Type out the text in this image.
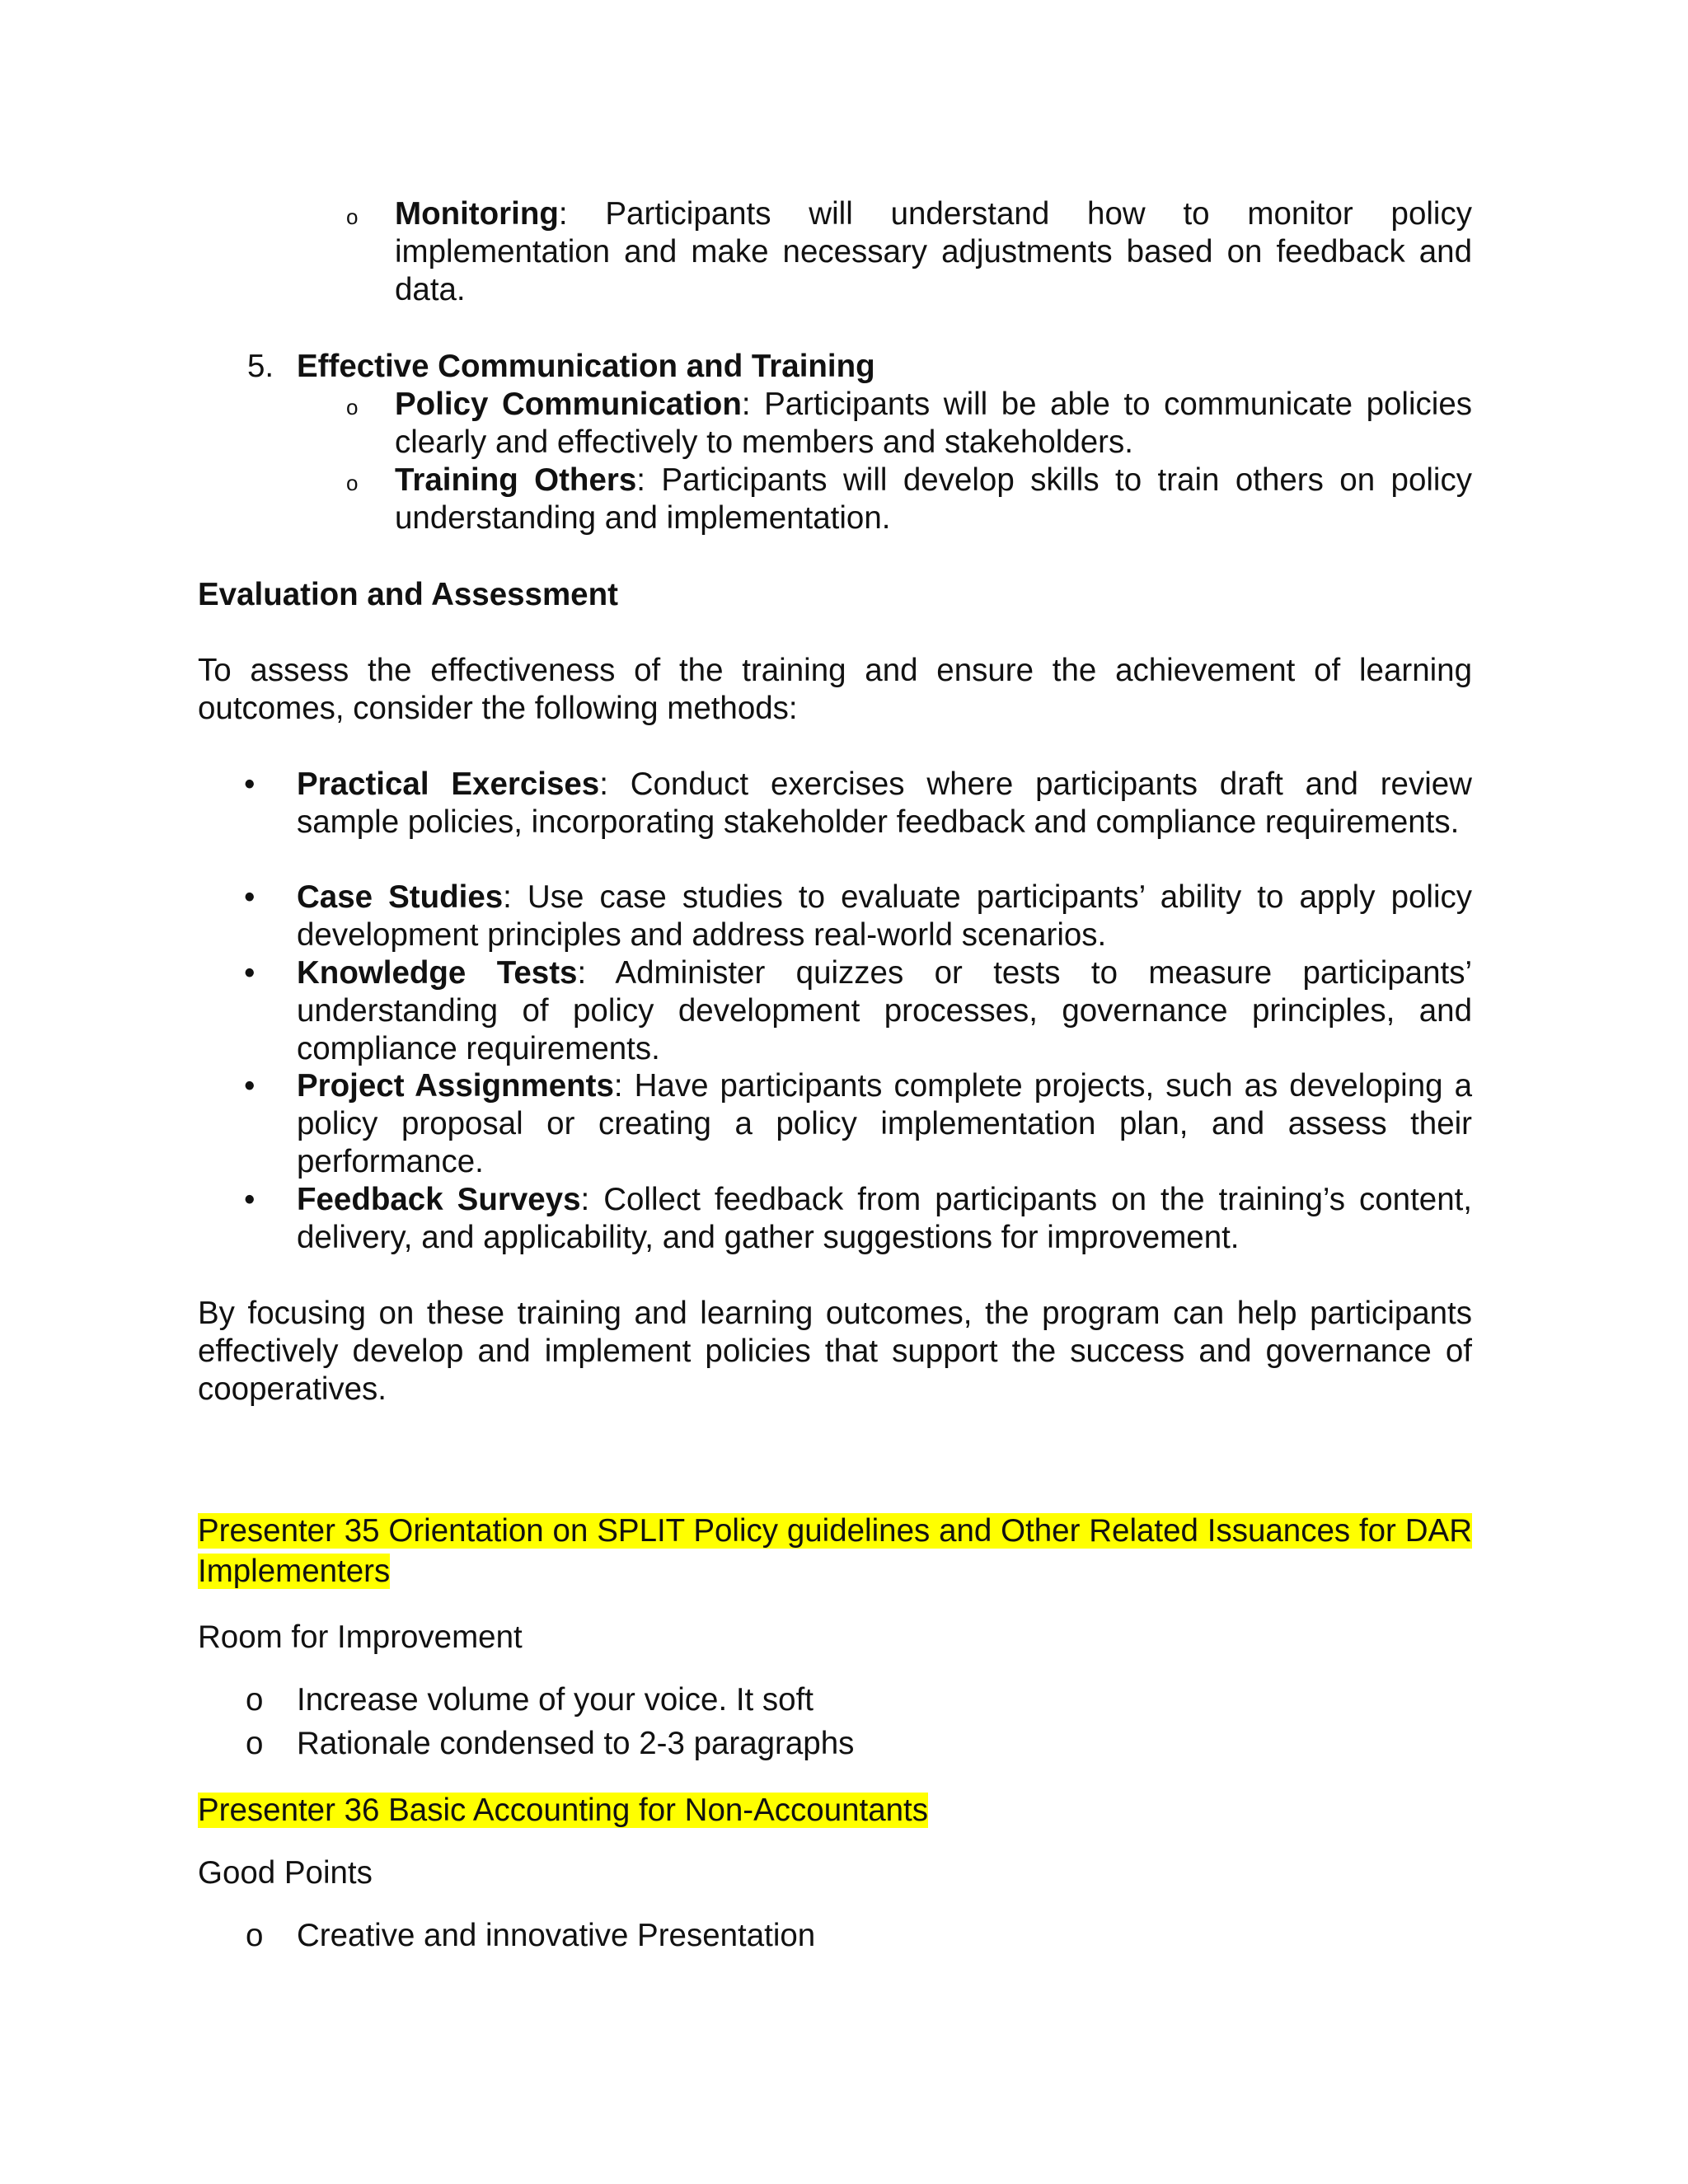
o Monitoring: Participants will understand how to monitor policy implementation and make necessary adjustments based on feedback and data.

5. Effective Communication and Training

o Policy Communication: Participants will be able to communicate policies clearly and effectively to members and stakeholders.

o Training Others: Participants will develop skills to train others on policy understanding and implementation.

Evaluation and Assessment

To assess the effectiveness of the training and ensure the achievement of learning outcomes, consider the following methods:

• Practical Exercises: Conduct exercises where participants draft and review sample policies, incorporating stakeholder feedback and compliance requirements.

• Case Studies: Use case studies to evaluate participants’ ability to apply policy development principles and address real-world scenarios.

• Knowledge Tests: Administer quizzes or tests to measure participants’ understanding of policy development processes, governance principles, and compliance requirements.

• Project Assignments: Have participants complete projects, such as developing a policy proposal or creating a policy implementation plan, and assess their performance.

• Feedback Surveys: Collect feedback from participants on the training’s content, delivery, and applicability, and gather suggestions for improvement.

By focusing on these training and learning outcomes, the program can help participants effectively develop and implement policies that support the success and governance of cooperatives.

Presenter 35 Orientation on SPLIT Policy guidelines and Other Related Issuances for DAR Implementers

Room for Improvement

o Increase volume of your voice. It soft

o Rationale condensed to 2-3 paragraphs

Presenter 36 Basic Accounting for Non-Accountants

Good Points

o Creative and innovative Presentation
